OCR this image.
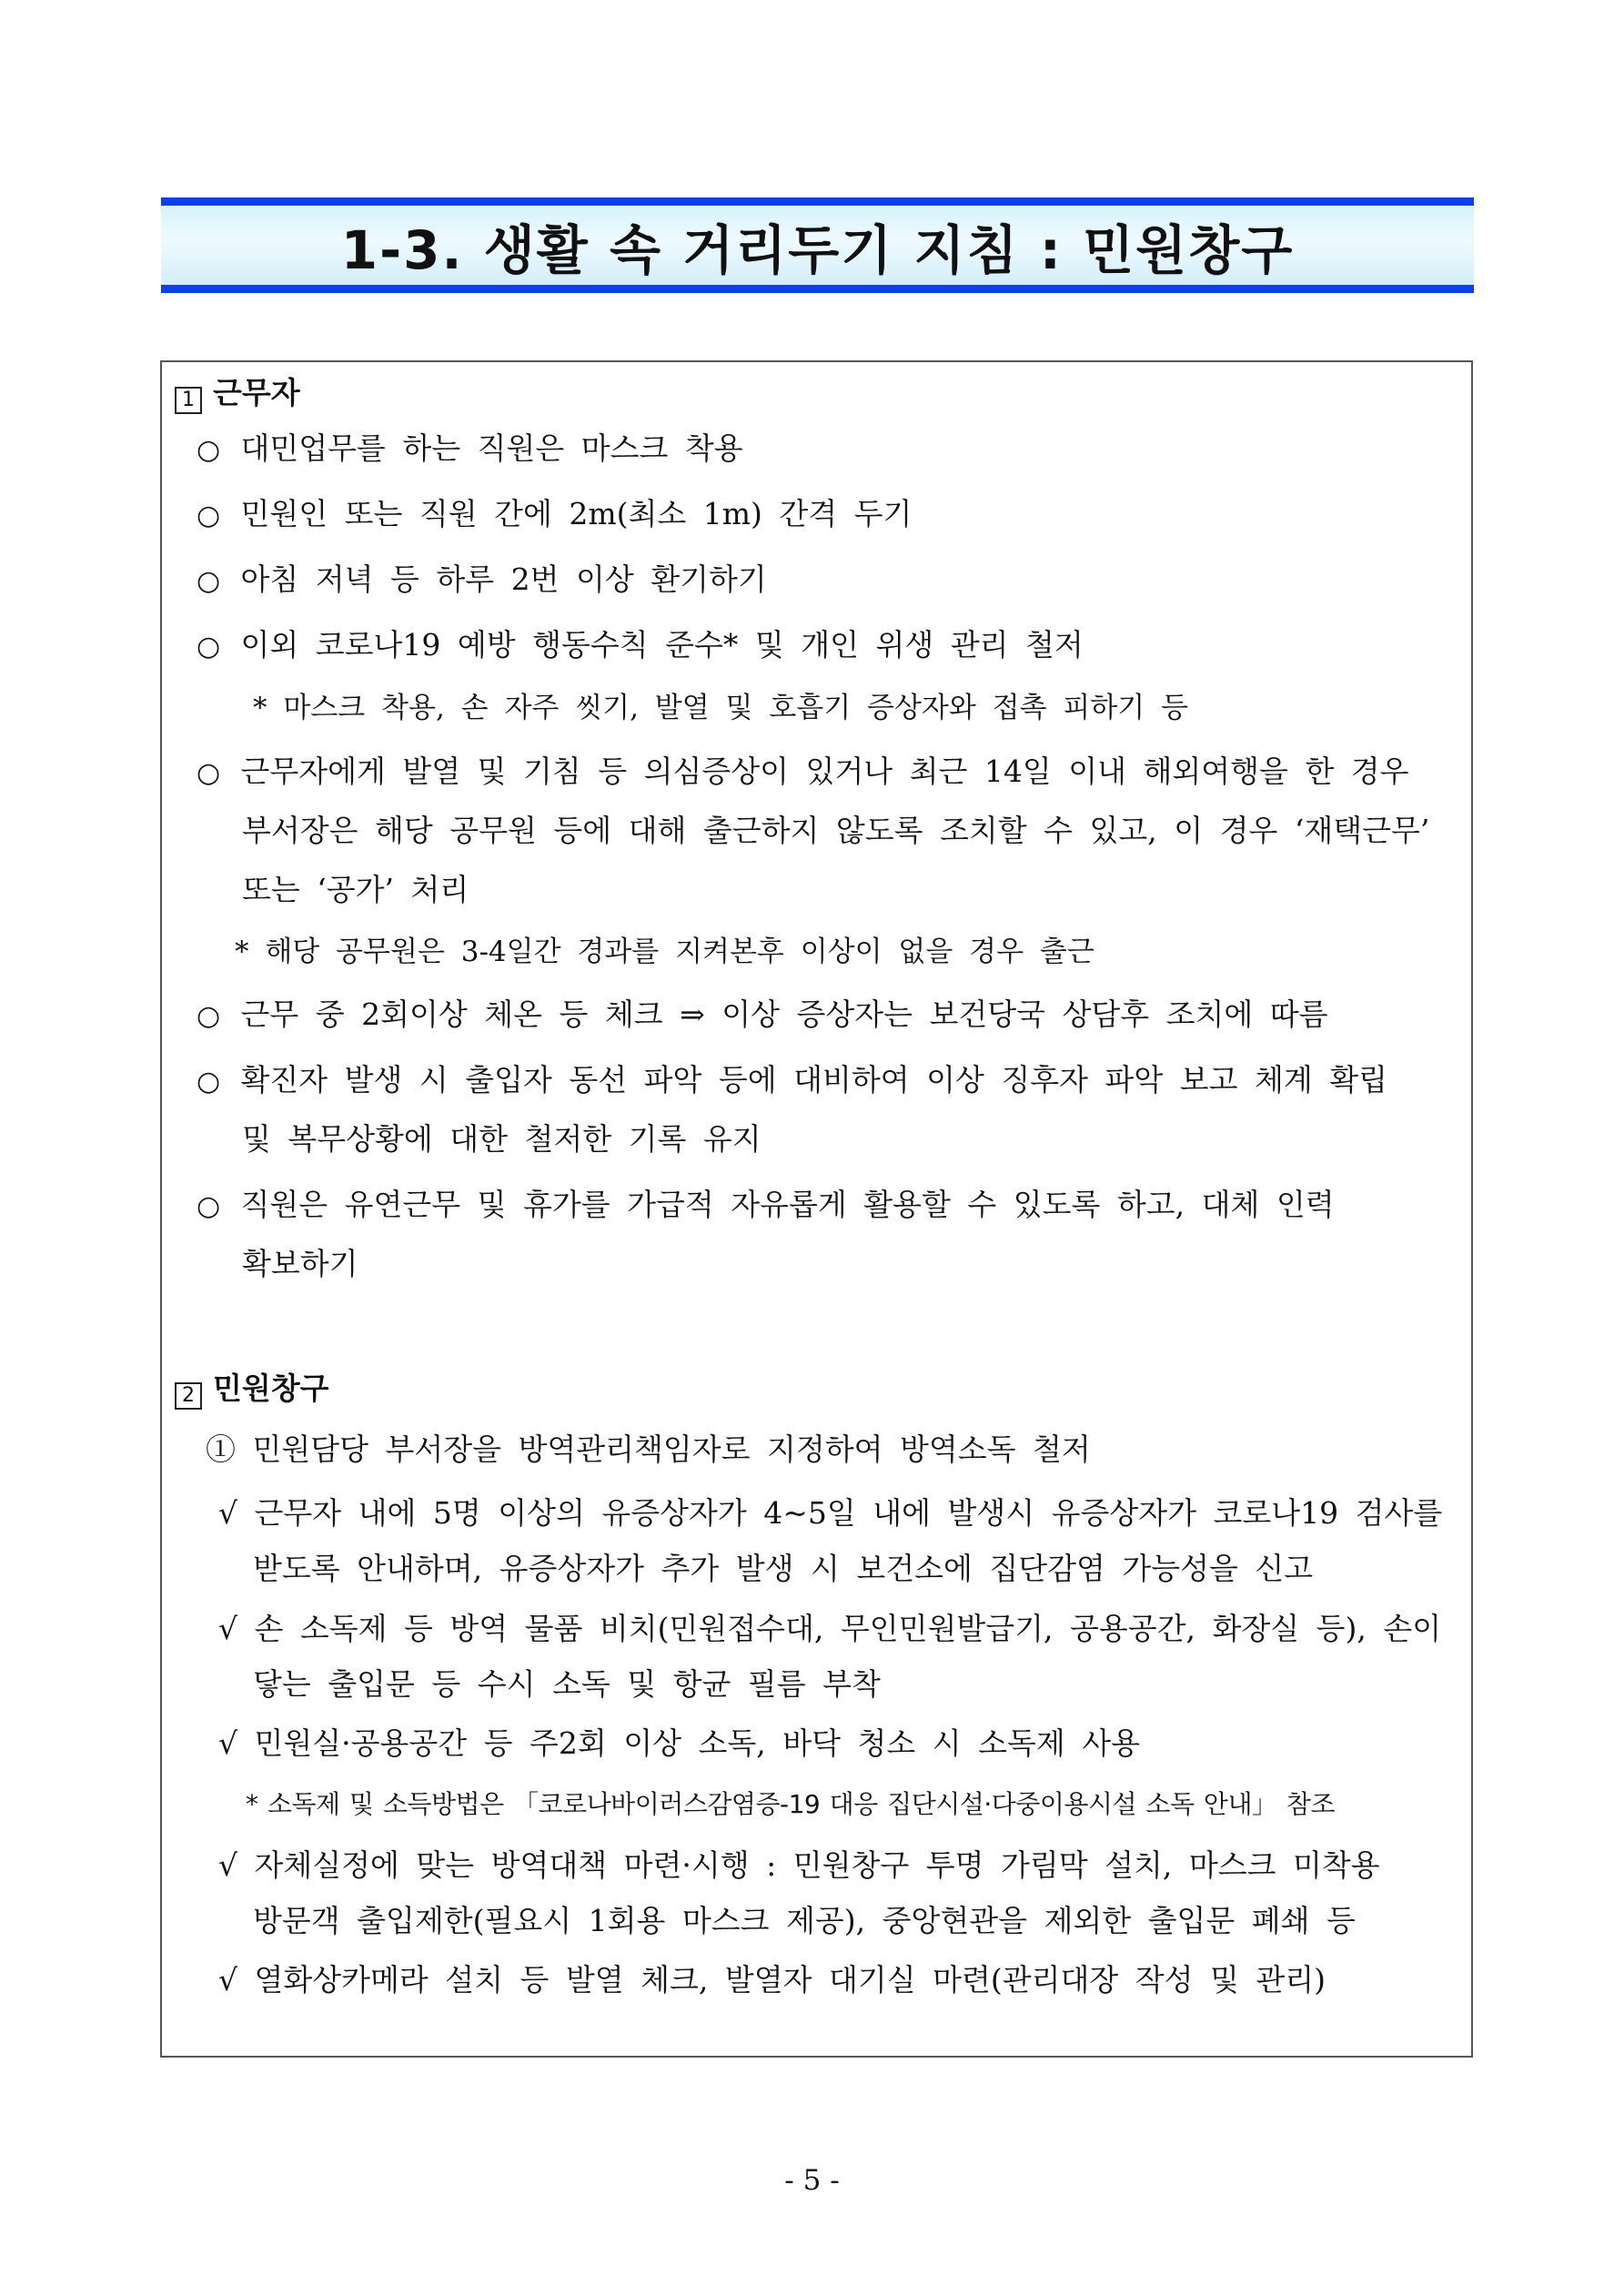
1-3. 생활 속 거리두기 지침 : 민원창구
1 근무자
○ 대민업무를 하는 직원은 마스크 착용
○ 민원인 또는 직원 간에 2m(최소 1m) 간격 두기
○ 아침 저녁 등 하루 2번 이상 환기하기
○ 이외 코로나19 예방 행동수칙 준수* 및 개인 위생 관리 철저
* 마스크 착용, 손 자주 씻기, 발열 및 호흡기 증상자와 접촉 피하기 등
○ 근무자에게 발열 및 기침 등 의심증상이 있거나 최근 14일 이내 해외여행을 한 경우
부서장은 해당 공무원 등에 대해 출근하지 않도록 조치할 수 있고, 이 경우 ‘재택근무’
또는 ‘공가’ 처리
* 해당 공무원은 3-4일간 경과를 지켜본후 이상이 없을 경우 출근
○ 근무 중 2회이상 체온 등 체크 ⇒ 이상 증상자는 보건당국 상담후 조치에 따름
○ 확진자 발생 시 출입자 동선 파악 등에 대비하여 이상 징후자 파악 보고 체계 확립
및 복무상황에 대한 철저한 기록 유지
○ 직원은 유연근무 및 휴가를 가급적 자유롭게 활용할 수 있도록 하고, 대체 인력
확보하기
2 민원창구
① 민원담당 부서장을 방역관리책임자로 지정하여 방역소독 철저
√ 근무자 내에 5명 이상의 유증상자가 4~5일 내에 발생시 유증상자가 코로나19 검사를
받도록 안내하며, 유증상자가 추가 발생 시 보건소에 집단감염 가능성을 신고
√ 손 소독제 등 방역 물품 비치(민원접수대, 무인민원발급기, 공용공간, 화장실 등), 손이
닿는 출입문 등 수시 소독 및 항균 필름 부착
√ 민원실·공용공간 등 주2회 이상 소독, 바닥 청소 시 소독제 사용
* 소독제 및 소득방법은 「코로나바이러스감염증-19 대응 집단시설·다중이용시설 소독 안내」 참조
√ 자체실정에 맞는 방역대책 마련·시행 : 민원창구 투명 가림막 설치, 마스크 미착용
방문객 출입제한(필요시 1회용 마스크 제공), 중앙현관을 제외한 출입문 폐쇄 등
√ 열화상카메라 설치 등 발열 체크, 발열자 대기실 마련(관리대장 작성 및 관리)
- 5 -
